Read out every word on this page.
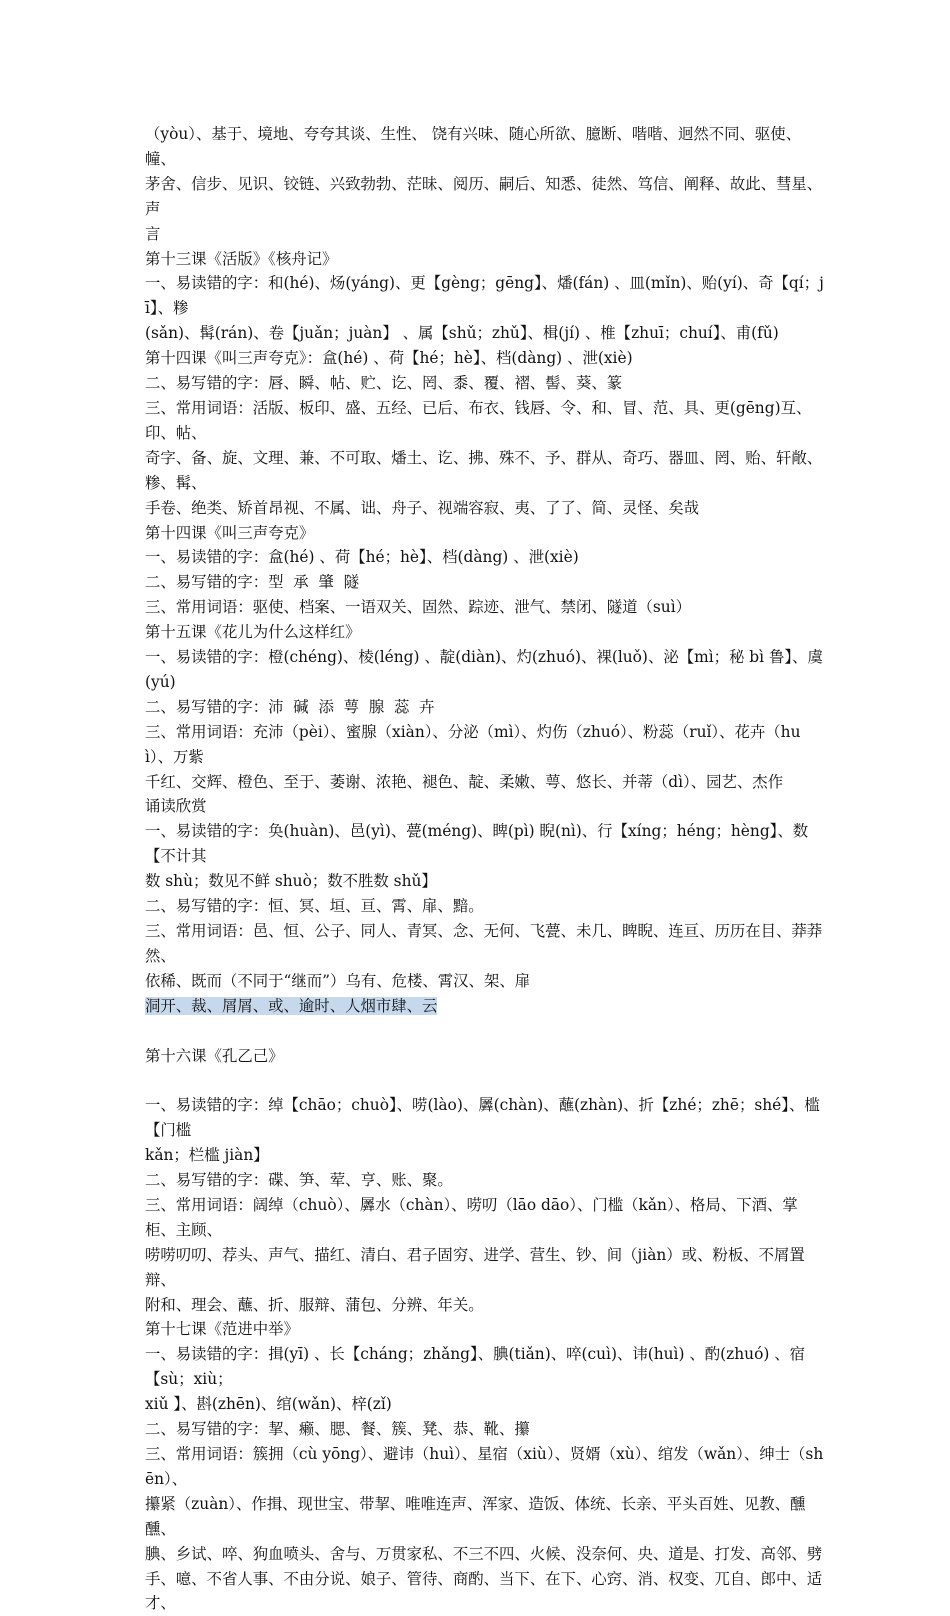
（yòu）、基于、境地、夸夸其谈、生性、 饶有兴味、随心所欲、臆断、喈喈、迥然不同、驱使、幢、
茅舍、信步、见识、铰链、兴致勃勃、茫昧、阅历、嗣后、知悉、徒然、笃信、阐释、故此、彗星、声
言
第十三课《活版》《核舟记》
一、易读错的字：和(hé)、炀(yáng)、更【gèng；gēng】、燔(fán) 、皿(mǐn)、贻(yí)、奇【qí；jī】、糁
(sǎn)、髯(rán)、卷【juǎn；juàn】 、属【shǔ；zhǔ】、楫(jí) 、椎【zhuī；chuí】、甫(fǔ)
第十四课《叫三声夸克》：盒(hé) 、荷【hé；hè】、档(dàng) 、泄(xiè)
二、易写错的字：唇、瞬、帖、贮、讫、罔、黍、覆、褶、髻、葵、篆
三、常用词语：活版、板印、盛、五经、已后、布衣、钱唇、令、和、冒、范、具、更(gēng)互、印、帖、
奇字、备、旋、文理、兼、不可取、燔土、讫、拂、殊不、予、群从、奇巧、器皿、罔、贻、轩敞、糁、髯、
手卷、绝类、矫首昂视、不属、诎、舟子、视端容寂、夷、了了、简、灵怪、矣哉
第十四课《叫三声夸克》
一、易读错的字：盒(hé) 、荷【hé；hè】、档(dàng) 、泄(xiè)
二、易写错的字：型  承  肇  隧
三、常用词语：驱使、档案、一语双关、固然、踪迹、泄气、禁闭、隧道（suì）
第十五课《花儿为什么这样红》
一、易读错的字：橙(chéng)、棱(léng) 、靛(diàn)、灼(zhuó)、裸(luǒ)、泌【mì；秘 bì 鲁】、虞(yú)
二、易写错的字：沛  碱  添  萼  腺  蕊  卉
三、常用词语：充沛（pèi）、蜜腺（xiàn）、分泌（mì）、灼伤（zhuó）、粉蕊（ruǐ）、花卉（huì）、万紫
千红、交辉、橙色、至于、萎谢、浓艳、褪色、靛、柔嫩、萼、悠长、并蒂（dì）、园艺、杰作
诵读欣赏
一、易读错的字：奂(huàn)、邑(yì)、甍(méng)、睥(pì) 睨(nì)、行【xíng；héng；hèng】、数【不计其
数 shù；数见不鲜 shuò；数不胜数 shǔ】
二、易写错的字：恒、冥、垣、亘、霄、扉、黯。
三、常用词语：邑、恒、公子、同人、青冥、念、无何、飞甍、未几、睥睨、连亘、历历在目、莽莽然、
依稀、既而（不同于“继而”）乌有、危楼、霄汉、架、扉
洞开、裁、屑屑、或、逾时、人烟市肆、云
第十六课《孔乙己》
一、易读错的字：绰【chāo；chuò】、唠(lào)、羼(chàn)、蘸(zhàn)、折【zhé；zhē；shé】、槛【门槛
kǎn；栏槛 jiàn】
二、易写错的字：碟、笋、荤、亨、账、聚。
三、常用词语：阔绰（chuò）、羼水（chàn）、唠叨（lāo dāo）、门槛（kǎn）、格局、下酒、掌柜、主顾、
唠唠叨叨、荐头、声气、描红、清白、君子固穷、进学、营生、钞、间（jiàn）或、粉板、不屑置辩、
附和、理会、蘸、折、服辩、蒲包、分辨、年关。
第十七课《范进中举》
一、易读错的字：揖(yī) 、长【cháng；zhǎng】、腆(tiǎn)、啐(cuì)、讳(huì) 、酌(zhuó) 、宿【sù；xiù；
xiǔ 】、斟(zhēn)、绾(wǎn)、梓(zǐ)
二、易写错的字：挈、癞、腮、餐、簇、凳、恭、靴、攥
三、常用词语：簇拥（cù yōng）、避讳（huì）、星宿（xiù）、贤婿（xù）、绾发（wǎn）、绅士（shēn）、
攥紧（zuàn）、作揖、现世宝、带挈、唯唯连声、浑家、造饭、体统、长亲、平头百姓、见教、醺醺、
腆、乡试、啐、狗血喷头、舍与、万贯家私、不三不四、火候、没奈何、央、道是、打发、高邻、劈
手、噫、不省人事、不由分说、娘子、管待、商酌、当下、在下、心窍、消、权变、兀自、郎中、适才、
